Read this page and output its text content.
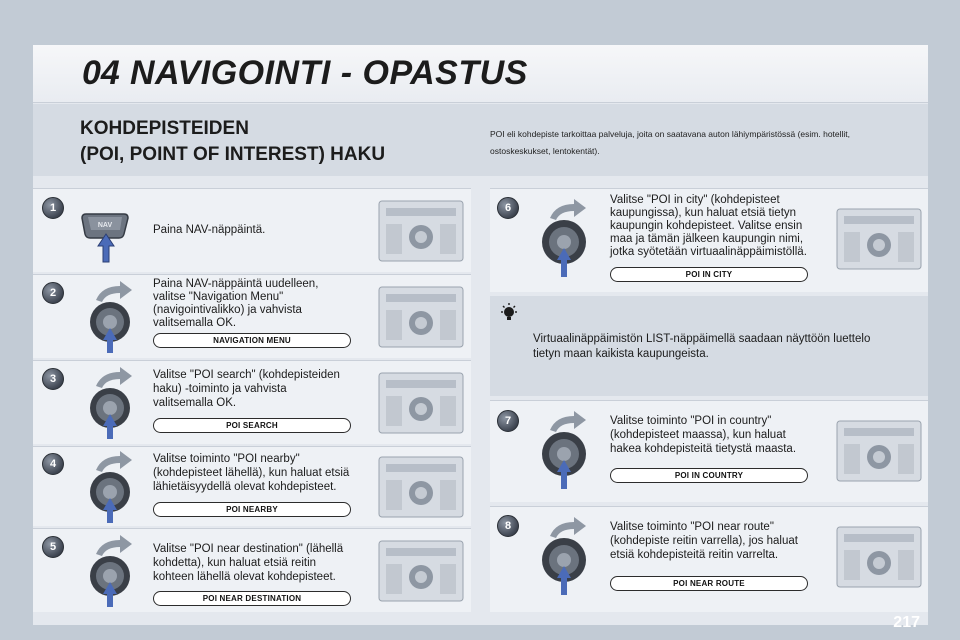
04 NAVIGOINTI - OPASTUS
KOHDEPISTEIDEN
(POI, POINT OF INTEREST) HAKU
POI eli kohdepiste tarkoittaa palveluja, joita on saatavana auton lähiympäristössä (esim. hotellit, ostoskeskukset, lentokentät).
1
2
3
4
5
6
7
8
NAV	Paina NAV-näppäintä.
Paina NAV-näppäintä uudelleen,
valitse "Navigation Menu"
(navigointivalikko) ja vahvista
valitsemalla OK.
Valitse "POI search" (kohdepisteiden
haku) -toiminto ja vahvista
valitsemalla OK.
Valitse toiminto "POI nearby"
(kohdepisteet lähellä), kun haluat etsiä
lähietäisyydellä olevat kohdepisteet.
Valitse "POI near destination" (lähellä
kohdetta), kun haluat etsiä reitin
kohteen lähellä olevat kohdepisteet.
Valitse "POI in city" (kohdepisteet
kaupungissa), kun haluat etsiä tietyn
kaupungin kohdepisteet. Valitse ensin
maa ja tämän jälkeen kaupungin nimi,
jotka syötetään virtuaalinäppäimistöllä.
Valitse toiminto "POI in country"
(kohdepisteet maassa), kun haluat
hakea kohdepisteitä tietystä maasta.
Valitse toiminto "POI near route"
(kohdepiste reitin varrella), jos haluat
etsiä kohdepisteitä reitin varrelta.
NAVIGATION MENU
POI SEARCH
POI NEARBY
POI NEAR DESTINATION
POI IN CITY
POI IN COUNTRY
POI NEAR ROUTE
Virtuaalinäppäimistön LIST-näppäimellä saadaan näyttöön luettelo
tietyn maan kaikista kaupungeista.
217
